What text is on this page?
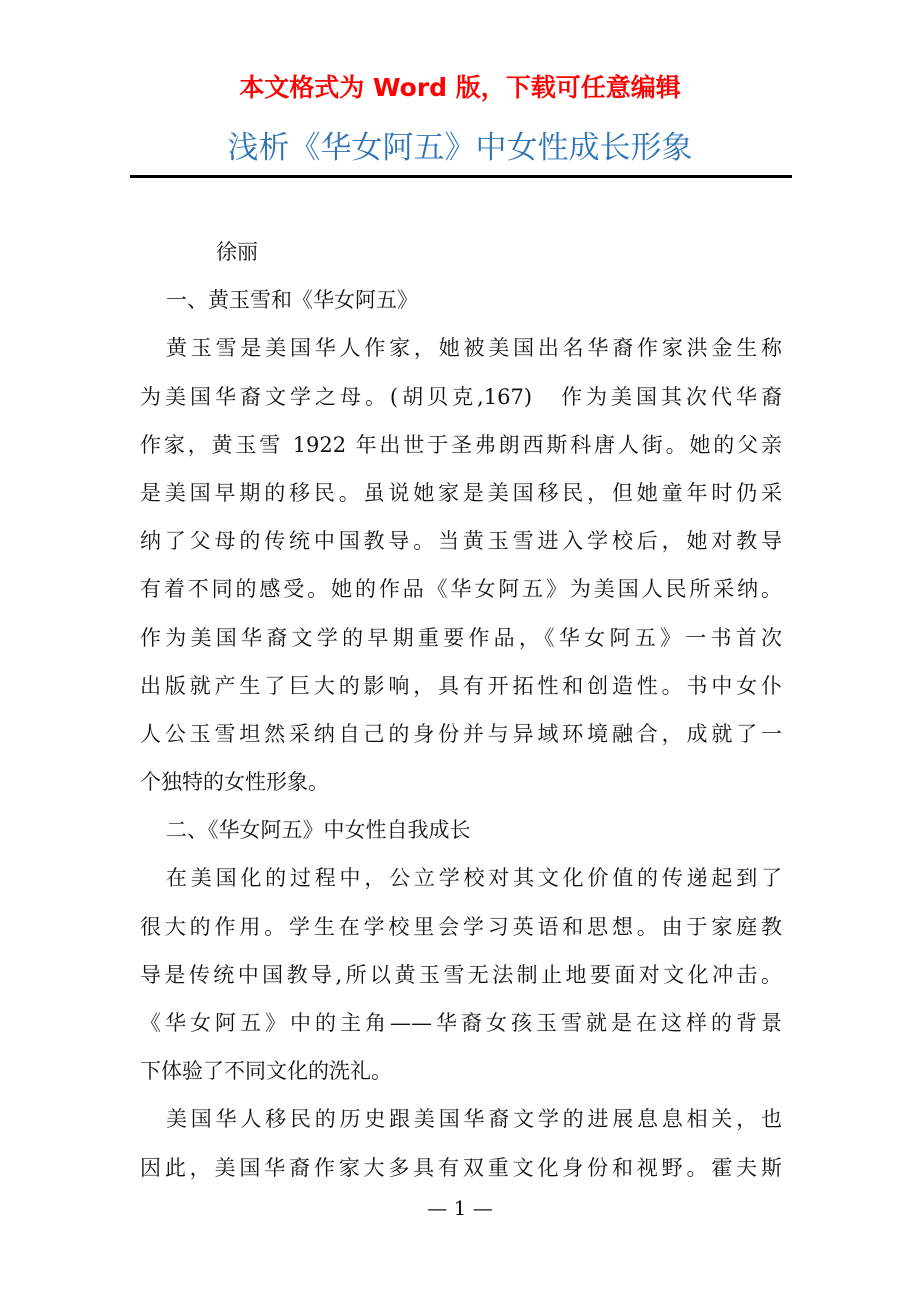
本文格式为 Word 版，下载可任意编辑
浅析《华女阿五》中女性成长形象
徐丽
一、黄玉雪和《华女阿五》
黄玉雪是美国华人作家，她被美国出名华裔作家洪金生称
为美国华裔文学之母。(胡贝克,167)　作为美国其次代华裔
作家，黄玉雪 1922 年出世于圣弗朗西斯科唐人街。她的父亲
是美国早期的移民。虽说她家是美国移民，但她童年时仍采
纳了父母的传统中国教导。当黄玉雪进入学校后，她对教导
有着不同的感受。她的作品《华女阿五》为美国人民所采纳。
作为美国华裔文学的早期重要作品，《华女阿五》一书首次
出版就产生了巨大的影响，具有开拓性和创造性。书中女仆
人公玉雪坦然采纳自己的身份并与异域环境融合，成就了一
个独特的女性形象。
二、《华女阿五》中女性自我成长
在美国化的过程中，公立学校对其文化价值的传递起到了
很大的作用。学生在学校里会学习英语和思想。由于家庭教
导是传统中国教导,所以黄玉雪无法制止地要面对文化冲击。
《华女阿五》中的主角——华裔女孩玉雪就是在这样的背景
下体验了不同文化的洗礼。
美国华人移民的历史跟美国华裔文学的进展息息相关，也
因此，美国华裔作家大多具有双重文化身份和视野。霍夫斯
— 1 —
